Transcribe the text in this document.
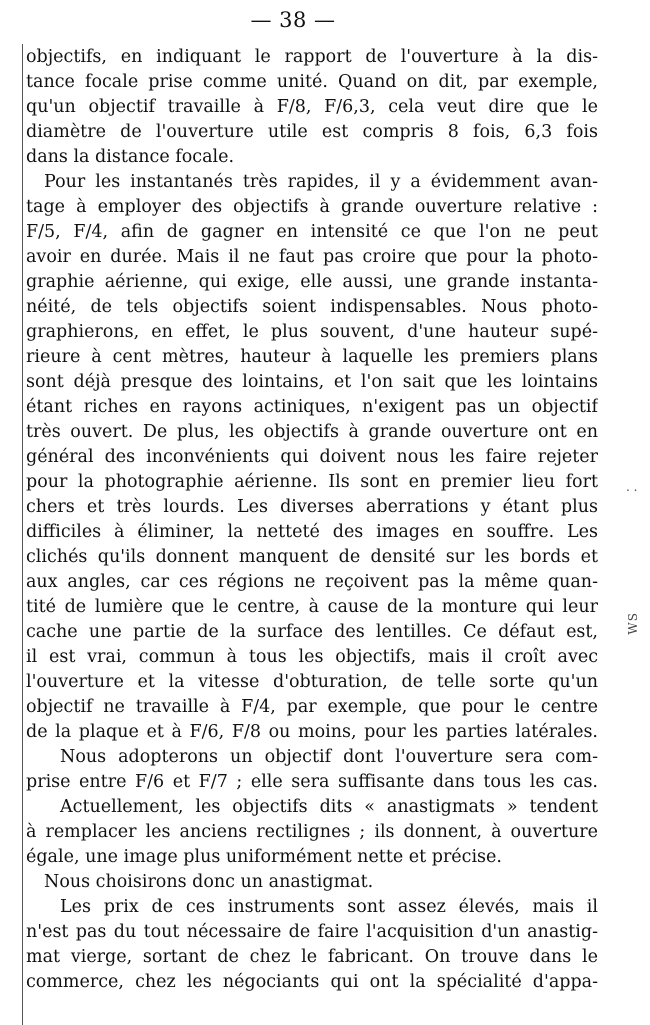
— 38 —
objectifs, en indiquant le rapport de l'ouverture à la dis-
tance focale prise comme unité. Quand on dit, par exemple,
qu'un objectif travaille à F/8, F/6,3, cela veut dire que le
diamètre de l'ouverture utile est compris 8 fois, 6,3 fois
dans la distance focale.
Pour les instantanés très rapides, il y a évidemment avan-
tage à employer des objectifs à grande ouverture relative :
F/5, F/4, afin de gagner en intensité ce que l'on ne peut
avoir en durée. Mais il ne faut pas croire que pour la photo-
graphie aérienne, qui exige, elle aussi, une grande instanta-
néité, de tels objectifs soient indispensables. Nous photo-
graphierons, en effet, le plus souvent, d'une hauteur supé-
rieure à cent mètres, hauteur à laquelle les premiers plans
sont déjà presque des lointains, et l'on sait que les lointains
étant riches en rayons actiniques, n'exigent pas un objectif
très ouvert. De plus, les objectifs à grande ouverture ont en
général des inconvénients qui doivent nous les faire rejeter
pour la photographie aérienne. Ils sont en premier lieu fort
chers et très lourds. Les diverses aberrations y étant plus
difficiles à éliminer, la netteté des images en souffre. Les
clichés qu'ils donnent manquent de densité sur les bords et
aux angles, car ces régions ne reçoivent pas la même quan-
tité de lumière que le centre, à cause de la monture qui leur
cache une partie de la surface des lentilles. Ce défaut est,
il est vrai, commun à tous les objectifs, mais il croît avec
l'ouverture et la vitesse d'obturation, de telle sorte qu'un
objectif ne travaille à F/4, par exemple, que pour le centre
de la plaque et à F/6, F/8 ou moins, pour les parties latérales.
Nous adopterons un objectif dont l'ouverture sera com-
prise entre F/6 et F/7 ; elle sera suffisante dans tous les cas.
Actuellement, les objectifs dits « anastigmats » tendent
à remplacer les anciens rectilignes ; ils donnent, à ouverture
égale, une image plus uniformément nette et précise.
Nous choisirons donc un anastigmat.
Les prix de ces instruments sont assez élevés, mais il
n'est pas du tout nécessaire de faire l'acquisition d'un anastig-
mat vierge, sortant de chez le fabricant. On trouve dans le
commerce, chez les négociants qui ont la spécialité d'appa-
. .
WS
